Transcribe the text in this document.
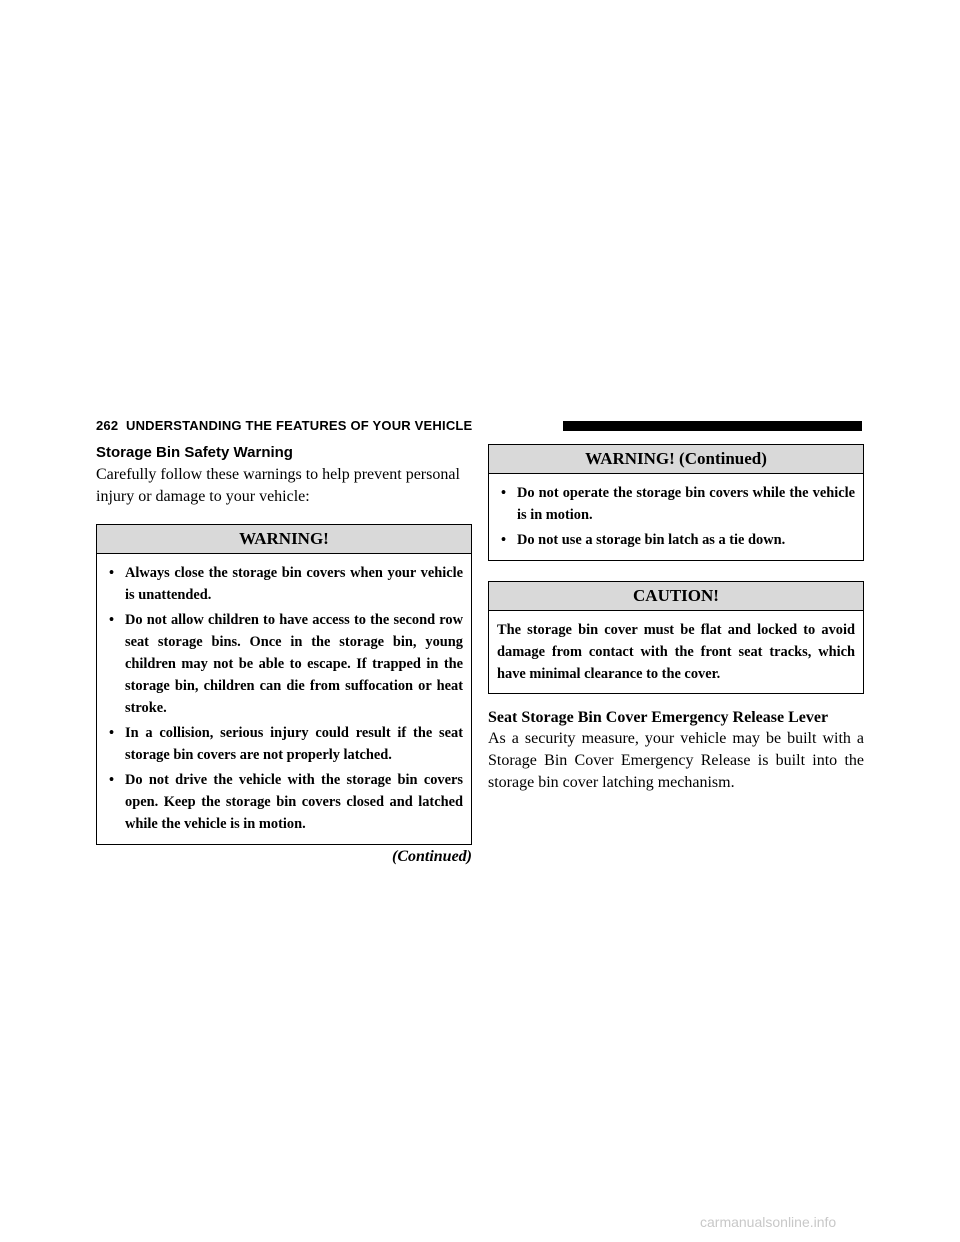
262 UNDERSTANDING THE FEATURES OF YOUR VEHICLE
Storage Bin Safety Warning

Carefully follow these warnings to help prevent personal injury or damage to your vehicle:

WARNING!
• Always close the storage bin covers when your vehicle is unattended.
• Do not allow children to have access to the second row seat storage bins. Once in the storage bin, young children may not be able to escape. If trapped in the storage bin, children can die from suffocation or heat stroke.
• In a collision, serious injury could result if the seat storage bin covers are not properly latched.
• Do not drive the vehicle with the storage bin covers open. Keep the storage bin covers closed and latched while the vehicle is in motion.
(Continued)
WARNING! (Continued)
• Do not operate the storage bin covers while the vehicle is in motion.
• Do not use a storage bin latch as a tie down.
CAUTION!
The storage bin cover must be flat and locked to avoid damage from contact with the front seat tracks, which have minimal clearance to the cover.

Seat Storage Bin Cover Emergency Release Lever

As a security measure, your vehicle may be built with a Storage Bin Cover Emergency Release is built into the storage bin cover latching mechanism.

carmanualsonline.info
